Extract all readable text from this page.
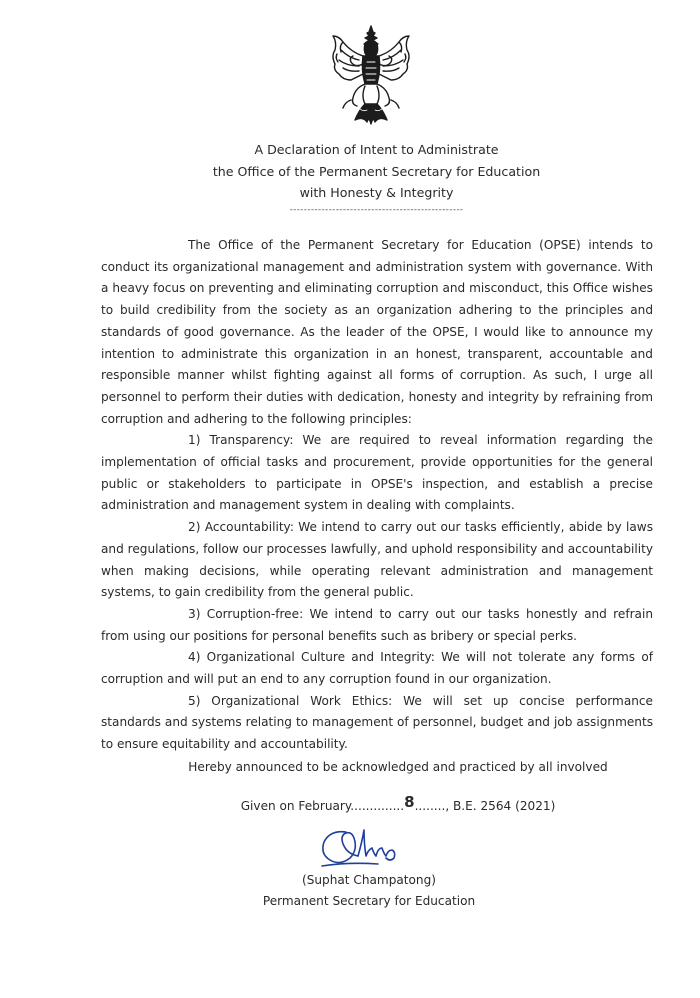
A Declaration of Intent to Administrate
the Office of the Permanent Secretary for Education
with Honesty & Integrity
-------------------------------------------------

The Office of the Permanent Secretary for Education (OPSE) intends to conduct its organizational management and administration system with governance. With a heavy focus on preventing and eliminating corruption and misconduct, this Office wishes to build credibility from the society as an organization adhering to the principles and standards of good governance. As the leader of the OPSE, I would like to announce my intention to administrate this organization in an honest, transparent, accountable and responsible manner whilst fighting against all forms of corruption. As such, I urge all personnel to perform their duties with dedication, honesty and integrity by refraining from corruption and adhering to the following principles:

1) Transparency: We are required to reveal information regarding the implementation of official tasks and procurement, provide opportunities for the general public or stakeholders to participate in OPSE's inspection, and establish a precise administration and management system in dealing with complaints.

2) Accountability: We intend to carry out our tasks efficiently, abide by laws and regulations, follow our processes lawfully, and uphold responsibility and accountability when making decisions, while operating relevant administration and management systems, to gain credibility from the general public.

3) Corruption-free: We intend to carry out our tasks honestly and refrain from using our positions for personal benefits such as bribery or special perks.

4) Organizational Culture and Integrity: We will not tolerate any forms of corruption and will put an end to any corruption found in our organization.

5) Organizational Work Ethics: We will set up concise performance standards and systems relating to management of personnel, budget and job assignments to ensure equitability and accountability.

Hereby announced to be acknowledged and practiced by all involved
Given on February..............8........, B.E. 2564 (2021)
(Suphat Champatong)
Permanent Secretary for Education
